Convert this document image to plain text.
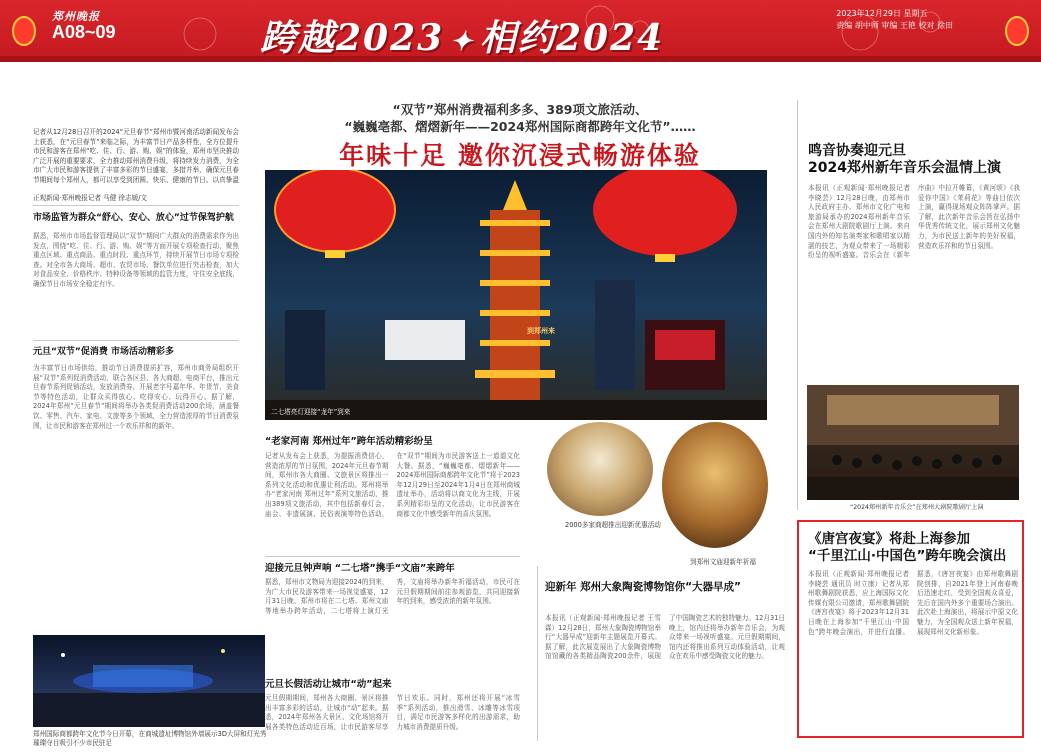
郑州晚报
A08~09	跨越2023 ✦ 相约2024
2023年12月29日 星期五
责编 胡中师 审编 王艳 校对 徐田
记者从12月28日召开的2024“元旦春节”郑州市暨河南活动新闻发布会上获悉，在“元旦春节”来临之际，为丰富节日产品多样性，全方位提升市民和游客在郑州“吃、住、行、游、购、娱”的体验，郑州市坚决推动广泛开展的重要要求，全力推动郑州消费升级，将持续发力消费，为全市广大市民和游客提供了丰富多彩的节日盛宴，多措并举，确保元旦春节期间每个郑州人，都可以享受到团圆、快乐、健康的节日。以真挚温
正观新闻·郑州晚报记者 马健 徐志媛/文
市场监管为群众“舒心、安心、放心”过节保驾护航
据悉，郑州市市场监督管理局以“双节”期间广大群众的消费需求作为出发点，围绕“吃、住、行、游、购、娱”等方面开展专项检查行动，聚焦重点区域、重点商品、重点时段、重点环节，持续开展节日市场专项检查。对全市各大商场、超市、农贸市场、餐饮单位进行突击检查，加大对食品安全、价格秩序、特种设备等领域的监管力度，守住安全底线，确保节日市场安全稳定有序。
元旦“双节”促消费 市场活动精彩多
为丰富节日市场供给，推动节日消费提质扩容，郑州市商务局组织开展“双节”系列促消费活动，联合各区县、各大商超、电商平台，推出元旦春节系列促销活动，发放消费券，开展老字号嘉年华、年货节、美食节等特色活动，让群众买得放心、吃得安心、玩得开心。据了解，2024年郑州“元旦春节”期间将举办各类促消费活动200余场，涵盖餐饮、零售、汽车、家电、文旅等多个领域，全力营造浓厚的节日消费氛围，让市民和游客在郑州过一个欢乐祥和的新年。
郑州国际商都跨年文化节今日开幕，在商城遗址博物馆外墙展示3D大屏和灯光秀璀璨夺目吸引不少市民驻足
“双节”郑州消费福利多多、389项文旅活动、
“巍巍亳都、熠熠新年——2024郑州国际商都跨年文化节”……
年味十足 邀你沉浸式畅游体验
二七塔亮灯迎接“龙年”到来
到郑州来
“老家河南 郑州过年”跨年活动精彩纷呈
记者从发布会上获悉，为提振消费信心，营造浓厚的节日氛围，2024年元旦春节期间，郑州市各大商圈、文旅景区将推出一系列文化活动和优惠让利活动。郑州将举办“老家河南 郑州过年”系列文旅活动，推出389项文旅活动，其中包括新春灯会、庙会、非遗展演、民俗表演等特色活动，在“双节”期间为市民游客送上一道道文化大餐。据悉，“巍巍亳都、熠熠新年——2024郑州国际商都跨年文化节”将于2023年12月29日至2024年1月4日在郑州商城遗址举办，活动将以商文化为主线，开展系列精彩纷呈的文化活动，让市民游客在商都文化中感受新年的喜庆氛围。
2000多家商超推出迎新优惠活动
到郑州文庙迎新年祈福
迎接元旦钟声响 “二七塔”携手“文庙”来跨年
据悉，郑州市文物局为迎接2024的到来，为广大市民及游客带来一场视觉盛宴，12月31日晚，郑州市将在二七塔、郑州文庙等地举办跨年活动，二七塔将上演灯光秀，文庙将举办新年祈福活动，市民可在元旦假期期间前往参观游览，共同迎接新年的到来，感受浓浓的新年氛围。
元旦长假活动让城市“动”起来
元旦假期期间，郑州各大商圈、景区将推出丰富多彩的活动，让城市“动”起来。据悉，2024年郑州各大景区、文化场馆将开展各类特色活动近百场，让市民游客尽享节日欢乐。同时，郑州还将开展“冰雪季”系列活动，推出滑雪、冰雕等冰雪项目，满足市民游客多样化的出游需求，助力城市消费提质升级。
迎新年 郑州大象陶瓷博物馆你“大器早成”
本报讯（正观新闻·郑州晚报记者 王雪霖）12月28日，郑州大象陶瓷博物馆举行“大器早成”迎新年主题展览开幕式。据了解，此次展览展出了大象陶瓷博物馆馆藏的各类精品陶瓷200余件，展现了中国陶瓷艺术的独特魅力。12月31日晚上，馆内还将举办新年音乐会，为观众带来一场视听盛宴。元旦假期期间，馆内还将推出系列互动体验活动，让观众在欢乐中感受陶瓷文化的魅力。
鸣音协奏迎元旦
2024郑州新年音乐会温情上演
本报讯（正观新闻·郑州晚报记者 李晓芸）12月28日晚，由郑州市人民政府主办、郑州市文化广电和旅游局承办的2024郑州新年音乐会在郑州大剧院歌剧厅上演。来自国内外的知名演奏家和歌唱家以精湛的技艺，为观众带来了一场精彩纷呈的视听盛宴。音乐会在《新年序曲》中拉开帷幕，《黄河颂》《我爱你中国》《茉莉花》等曲目依次上演，赢得现场观众阵阵掌声。据了解，此次新年音乐会旨在弘扬中华优秀传统文化，展示郑州文化魅力，为市民送上新年的美好祝福，营造欢乐祥和的节日氛围。
“2024郑州新年音乐会”在郑州大剧院歌剧厅上演
《唐宫夜宴》将赴上海参加
“千里江山·中国色”跨年晚会演出
本报讯（正观新闻·郑州晚报记者 李晓芸 通讯员 时立康）记者从郑州歌舞剧院获悉，应上海国际文化传媒有限公司邀请，郑州歌舞剧院《唐宫夜宴》将于2023年12月31日晚在上海参加“千里江山·中国色”跨年晚会演出，并进行直播。据悉，《唐宫夜宴》由郑州歌舞剧院创排，自2021年登上河南春晚后迅速走红，受到全国观众喜爱，先后在国内外多个重要场合演出。此次赴上海演出，将展示中原文化魅力，为全国观众送上新年祝福，展现郑州文化新形象。
